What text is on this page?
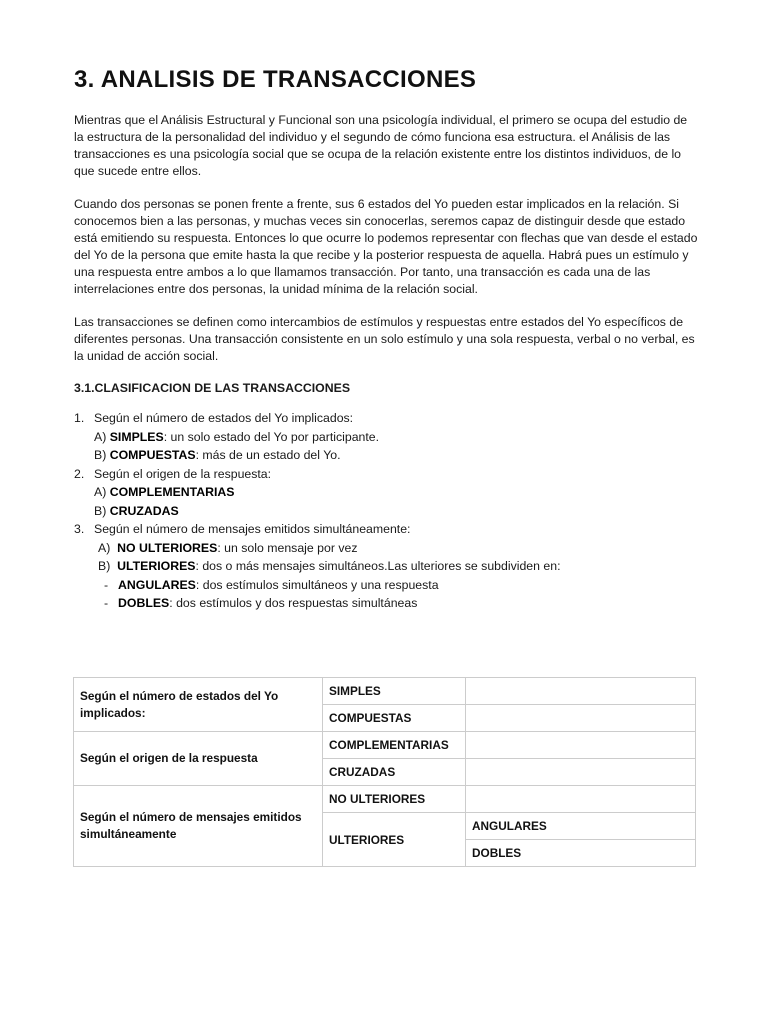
3. ANALISIS DE TRANSACCIONES

Mientras que el Análisis Estructural y Funcional son una psicología individual, el primero se ocupa del estudio de la estructura de la personalidad del individuo y el segundo de cómo funciona esa estructura. el Análisis de las transacciones es una psicología social que se ocupa de la relación existente entre los distintos individuos, de lo que sucede entre ellos.

Cuando dos personas se ponen frente a frente, sus 6 estados del Yo pueden estar implicados en la relación. Si conocemos bien a las personas, y muchas veces sin conocerlas, seremos capaz de distinguir desde que estado está emitiendo su respuesta. Entonces lo que ocurre lo podemos representar con flechas que van desde el estado del Yo de la persona que emite hasta la que recibe y la posterior respuesta de aquella. Habrá pues un estímulo y una respuesta entre ambos a lo que llamamos transacción. Por tanto, una transacción es cada una de las interrelaciones entre dos personas, la unidad mínima de la relación social.

Las transacciones se definen como intercambios de estímulos y respuestas entre estados del Yo específicos de diferentes personas. Una transacción consistente en un solo estímulo y una sola respuesta, verbal o no verbal, es la unidad de acción social.

3.1.CLASIFICACION DE LAS TRANSACCIONES
1. Según el número de estados del Yo implicados:
A) SIMPLES: un solo estado del Yo por participante.
B) COMPUESTAS: más de un estado del Yo.
2. Según el origen de la respuesta:
A) COMPLEMENTARIAS
B) CRUZADAS
3. Según el número de mensajes emitidos simultáneamente:
A) NO ULTERIORES: un solo mensaje por vez
B) ULTERIORES: dos o más mensajes simultáneos.Las ulteriores se subdividen en:
- ANGULARES: dos estímulos simultáneos y una respuesta
- DOBLES: dos estímulos y dos respuestas simultáneas
Según el número de estados del Yo implicados:	SIMPLES	
	COMPUESTAS	
Según el origen de la respuesta	COMPLEMENTARIAS	
	CRUZADAS	
Según el número de mensajes emitidos simultáneamente	NO ULTERIORES	
	ULTERIORES	ANGULARES
		DOBLES
